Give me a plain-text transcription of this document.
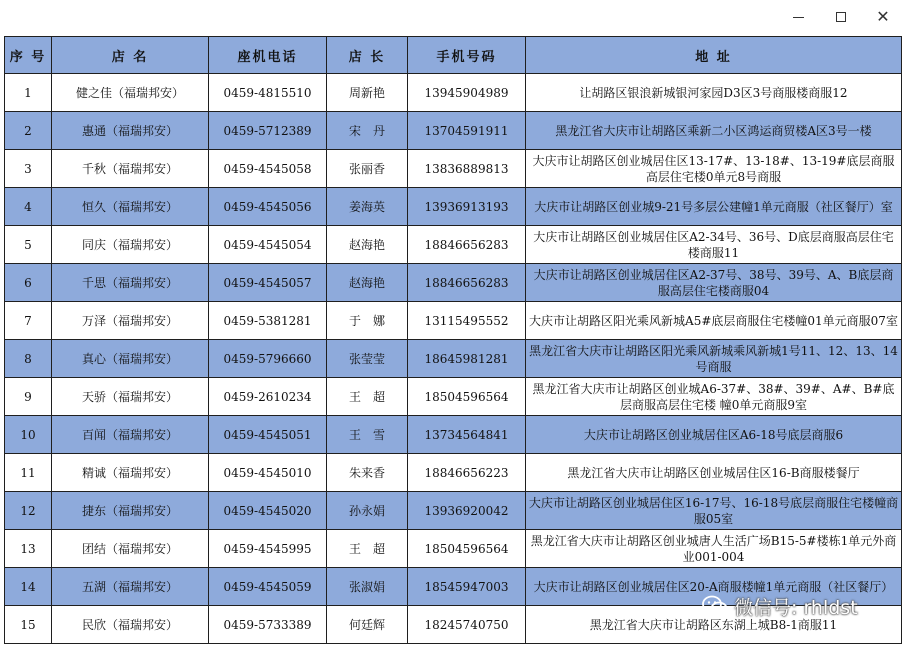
✕
序 号	店 名	座机电话	店 长	手机号码	地 址
1	健之佳（福瑞邦安）	0459-4815510	周新艳	13945904989	让胡路区银浪新城银河家园D3区3号商服楼商服12
2	惠通（福瑞邦安）	0459-5712389	宋　丹	13704591911	黑龙江省大庆市让胡路区乘新二小区鸿运商贸楼A区3号一楼
3	千秋（福瑞邦安）	0459-4545058	张丽香	13836889813	大庆市让胡路区创业城居住区13-17#、13-18#、13-19#底层商服高层住宅楼0单元8号商服
4	恒久（福瑞邦安）	0459-4545056	姜海英	13936913193	大庆市让胡路区创业城9-21号多层公建幢1单元商服（社区餐厅）室
5	同庆（福瑞邦安）	0459-4545054	赵海艳	18846656283	大庆市让胡路区创业城居住区A2-34号、36号、D底层商服高层住宅楼商服11
6	千思（福瑞邦安）	0459-4545057	赵海艳	18846656283	大庆市让胡路区创业城居住区A2-37号、38号、39号、A、B底层商服高层住宅楼商服04
7	万泽（福瑞邦安）	0459-5381281	于　娜	13115495552	大庆市让胡路区阳光乘风新城A5#底层商服住宅楼幢01单元商服07室
8	真心（福瑞邦安）	0459-5796660	张莹莹	18645981281	黑龙江省大庆市让胡路区阳光乘风新城乘风新城1号11、12、13、14号商服
9	天骄（福瑞邦安）	0459-2610234	王　超	18504596564	黑龙江省大庆市让胡路区创业城A6-37#、38#、39#、A#、B#底层商服高层住宅楼 幢0单元商服9室
10	百闻（福瑞邦安）	0459-4545051	王　雪	13734564841	大庆市让胡路区创业城居住区A6-18号底层商服6
11	精诚（福瑞邦安）	0459-4545010	朱来香	18846656223	黑龙江省大庆市让胡路区创业城居住区16-B商服楼餐厅
12	捷东（福瑞邦安）	0459-4545020	孙永娟	13936920042	大庆市让胡路区创业城居住区16-17号、16-18号底层商服住宅楼幢商服05室
13	团结（福瑞邦安）	0459-4545995	王　超	18504596564	黑龙江省大庆市让胡路区创业城唐人生活广场B15-5#楼栋1单元外商业001-004
14	五湖（福瑞邦安）	0459-4545059	张淑娟	18545947003	大庆市让胡路区创业城居住区20-A商服楼幢1单元商服（社区餐厅）
15	民欣（福瑞邦安）	0459-5733389	何廷辉	18245740750	黑龙江省大庆市让胡路区东湖上城B8-1商服11
微信号: rhldst
